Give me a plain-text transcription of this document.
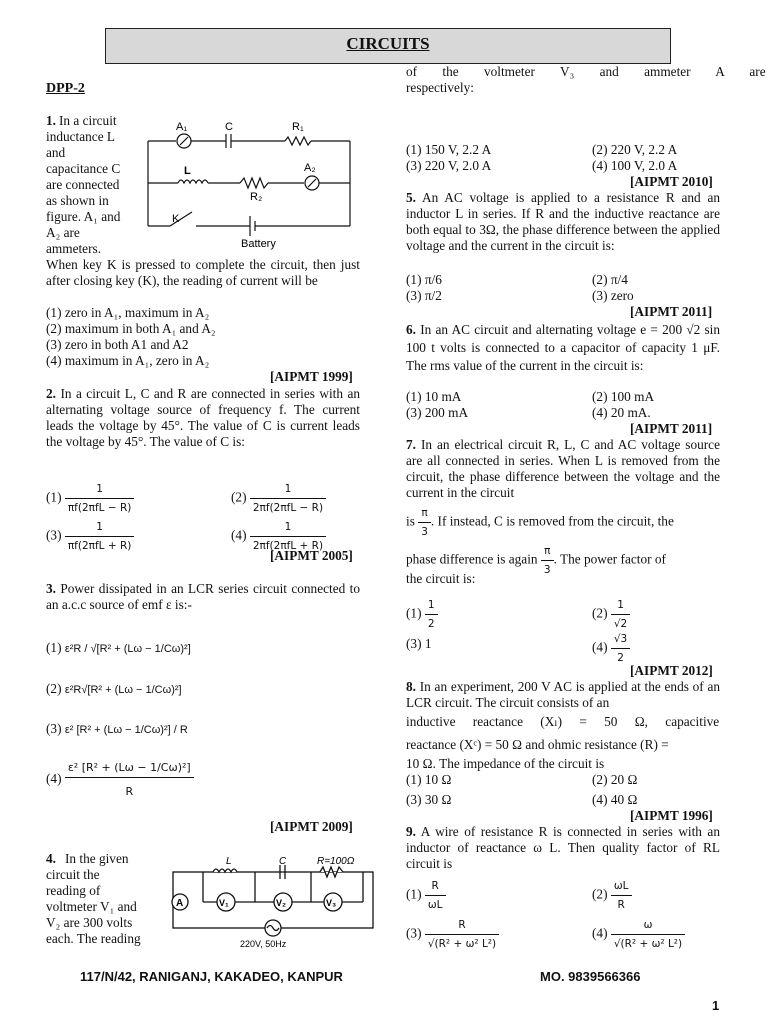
CIRCUITS
DPP-2
1. In a circuit
inductance L
and
capacitance C
are connected
as shown in
figure. A₁ and
A₂ are
ammeters.
A₁	C	R₁
L	A₂
R₂
K
Battery
When key K is pressed to complete the circuit, then just after closing key (K), the reading of current will be
(1) zero in A₁, maximum in A₂
(2) maximum in both A₁ and A₂
(3) zero in both A1 and A2
(4) maximum in A₁, zero in A₂
[AIPMT 1999]
2. In a circuit L, C and R are connected in series with an alternating voltage source of frequency f. The current leads the voltage by 45°. The value of C is current leads the voltage by 45°. The value of C is:
$(1) \frac{1}{\text{πf(2πfL − R)}}$	$(2) \frac{1}{\text{2πf(2πfL − R)}}$
$(3) \frac{1}{\text{πf(2πfL + R)}}$	$(4) \frac{1}{\text{2πf(2πfL + R)}}$
[AIPMT 2005]
3. Power dissipated in an LCR series circuit connected to an a.c.c source of emf ε is:-
(1) ε²R / √[R² + (Lω − 1/Cω)²]
(2) ε²R√[R² + (Lω − 1/Cω)²]
(3) ε² [R² + (Lω − 1/Cω)²] / R
$(4) \frac{\text{ε² [R² + (Lω − 1/Cω)²]}}{R}$
[AIPMT 2009]
4. In the given
circuit the
reading of
voltmeter V₁ and
V₂ are 300 volts
each. The reading
L	C	R=100Ω
A	V₁	V₂	V₃
220V, 50Hz
of the voltmeter V₃ and ammeter A are
respectively:
(1) 150 V, 2.2 A	(2) 220 V, 2.2 A
(3) 220 V, 2.0 A	(4) 100 V, 2.0 A
[AIPMT 2010]
5. An AC voltage is applied to a resistance R and an inductor L in series. If R and the inductive reactance are both equal to 3Ω, the phase difference between the applied voltage and the current in the circuit is:
(1) π/6	(2) π/4
(3) π/2	(3) zero
[AIPMT 2011]
6. In an AC circuit and alternating voltage e = 200 √2 sin 100 t volts is connected to a capacitor of capacity 1 μF. The rms value of the current in the circuit is:
(1) 10 mA	(2) 100 mA
(3) 200 mA	(4) 20 mA.
[AIPMT 2011]
7. In an electrical circuit R, L, C and AC voltage source are all connected in series. When L is removed from the circuit, the phase difference between the voltage and the current in the circuit
is $\frac{\pi}{3}$ . If instead, C is removed from the circuit, the
phase difference is again $\frac{\pi}{3}$ . The power factor of
the circuit is:
$(1) \frac{1}{2}$	$(2) \frac{1}{√2}$
(3) 1	$(4) \frac{√3}{2}$
[AIPMT 2012]
8. In an experiment, 200 V AC is applied at the ends of an LCR circuit. The circuit consists of an
inductive reactance (Xₗ) = 50 Ω, capacitive
reactance (Xᶜ) = 50 Ω and ohmic resistance (R) =
10 Ω. The impedance of the circuit is
(1) 10 Ω	(2) 20 Ω
(3) 30 Ω	(4) 40 Ω
[AIPMT 1996]
9. A wire of resistance R is connected in series with an inductor of reactance ω L. Then quality factor of RL circuit is
$(1) \frac{R}{\omega L}$	$(2) \frac{\omega L}{R}$
$(3) \frac{R}{\text{√(R² + ω² L²)}}$	$(4) \frac{\omega}{\text{√(R² + ω² L²)}}$
117/N/42, RANIGANJ, KAKADEO, KANPUR	MO. 9839566366
1
